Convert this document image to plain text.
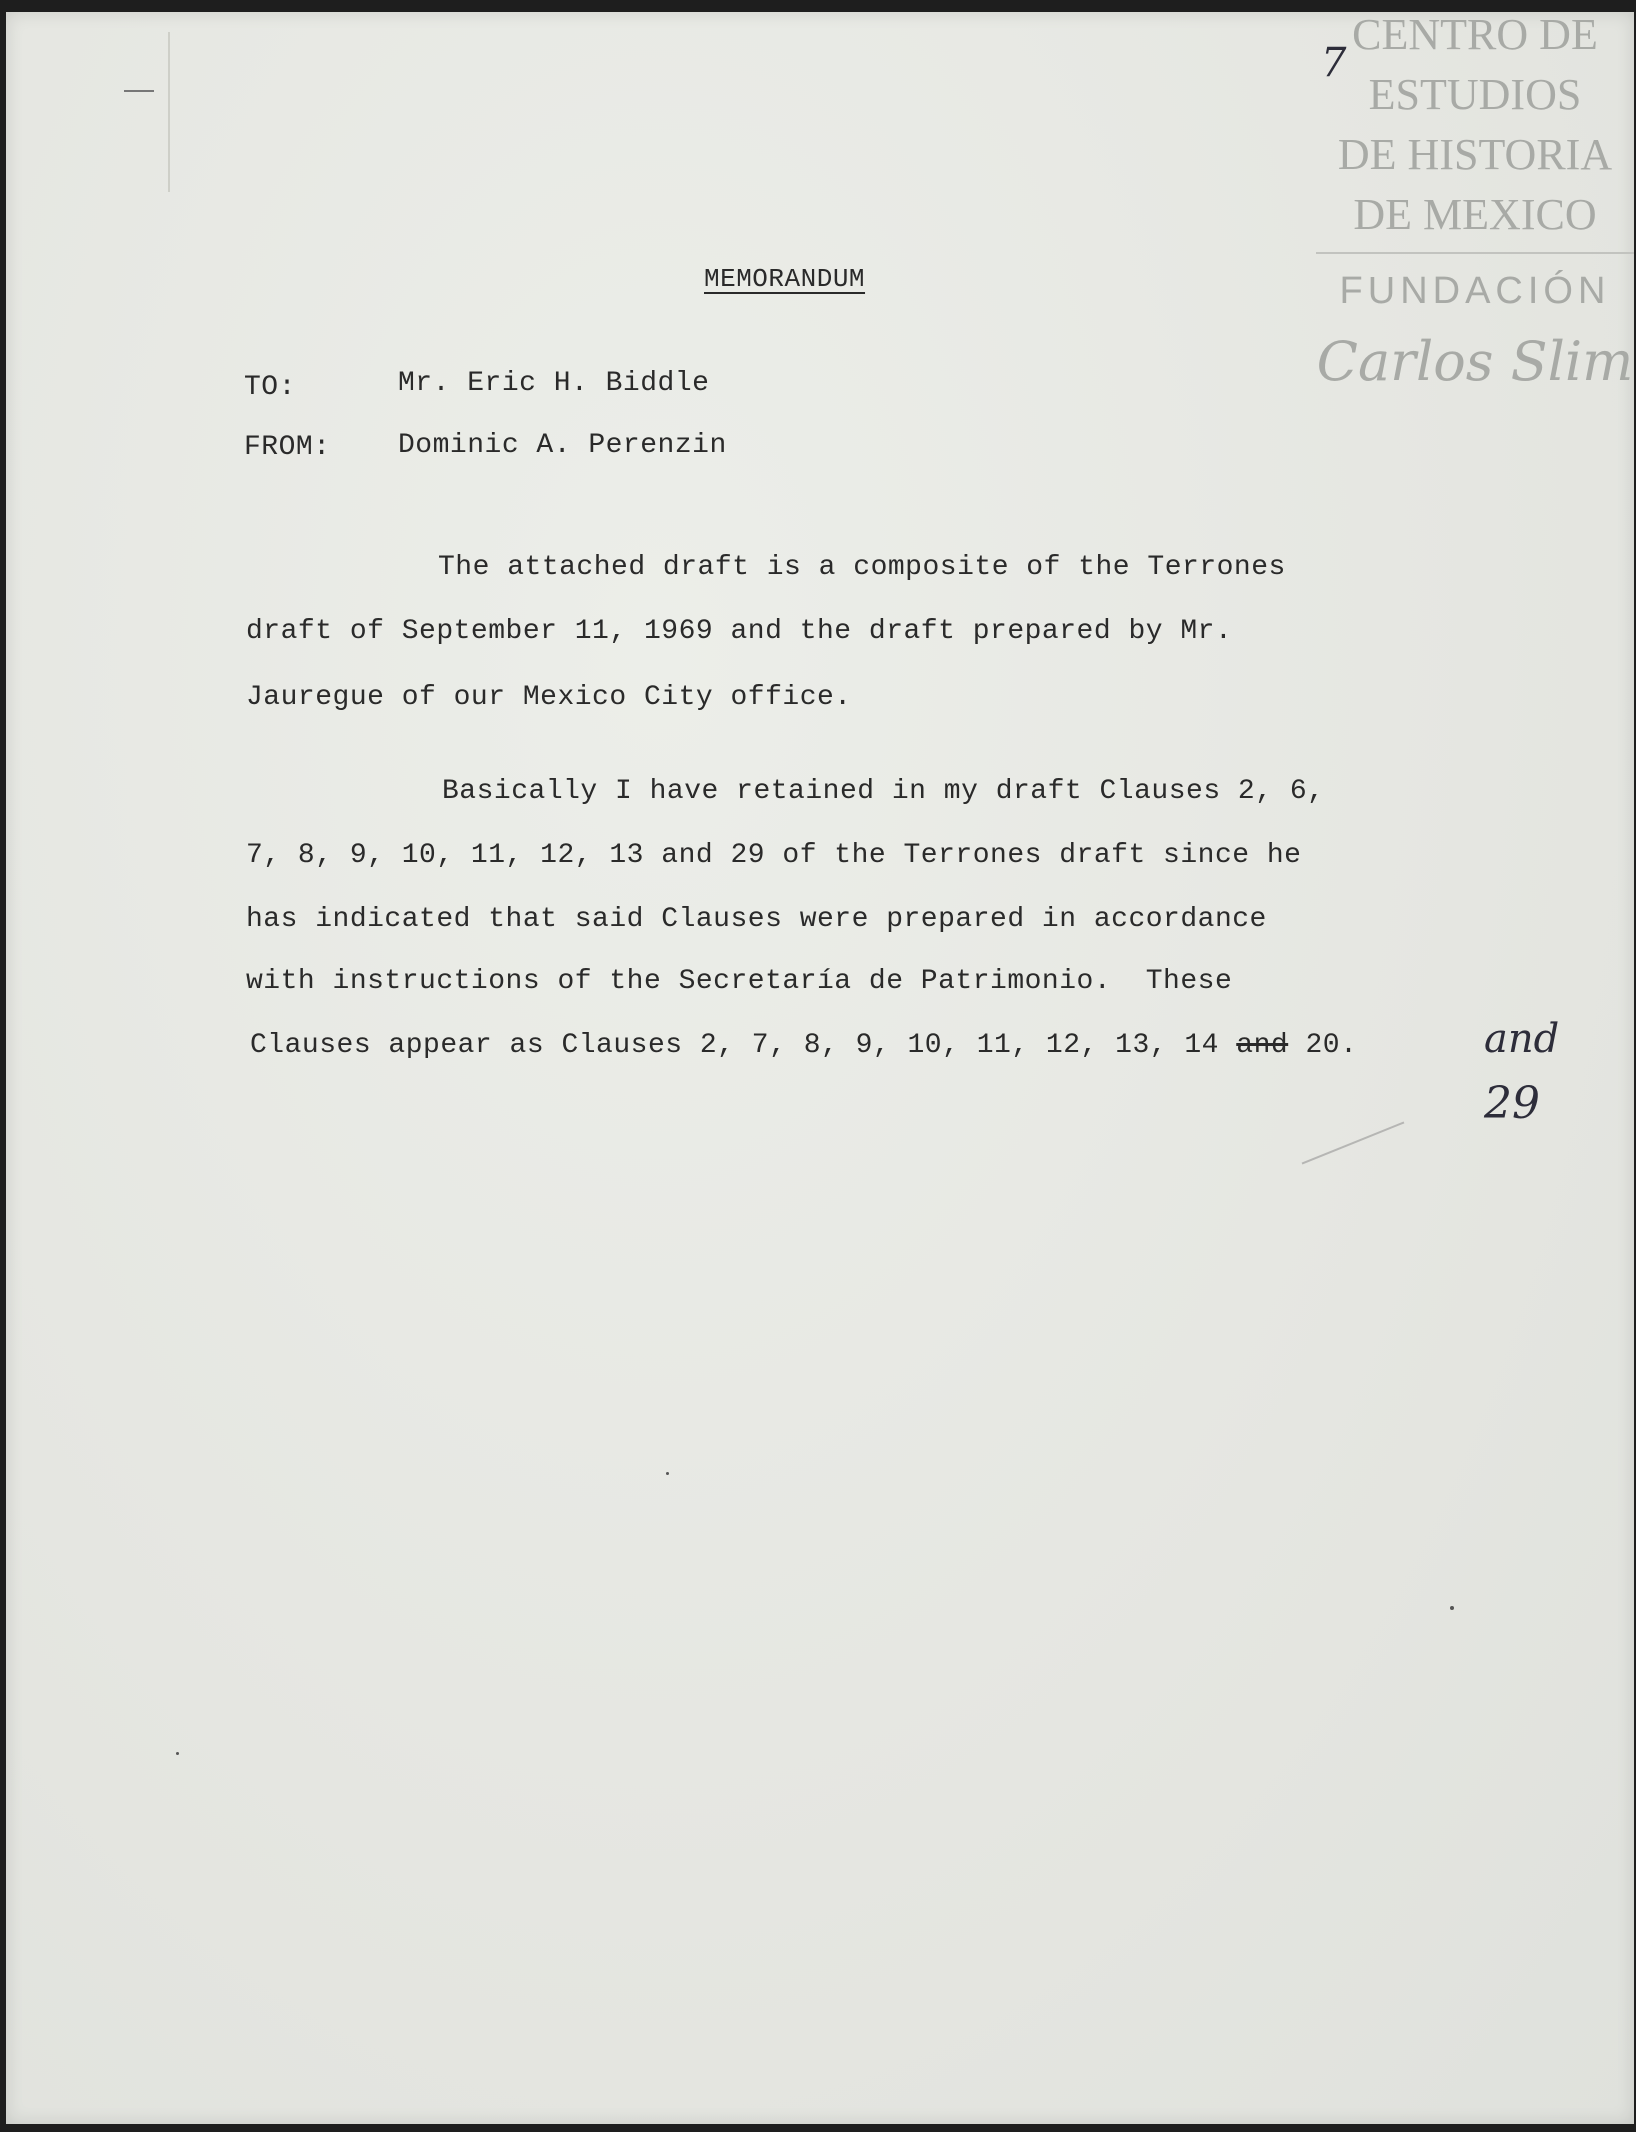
CENTRO DE
ESTUDIOS
DE HISTORIA
DE MEXICO
FUNDACIÓN
Carlos Slim
7
MEMORANDUM
TO:	Mr. Eric H. Biddle
FROM: Dominic A. Perenzin
The attached draft is a composite of the Terrones
draft of September 11, 1969 and the draft prepared by Mr.
Jauregue of our Mexico City office.
Basically I have retained in my draft Clauses 2, 6,
7, 8, 9, 10, 11, 12, 13 and 29 of the Terrones draft since he
has indicated that said Clauses were prepared in accordance
with instructions of the Secretaría de Patrimonio.  These
Clauses appear as Clauses 2, 7, 8, 9, 10, 11, 12, 13, 14 and 20.	and
29
